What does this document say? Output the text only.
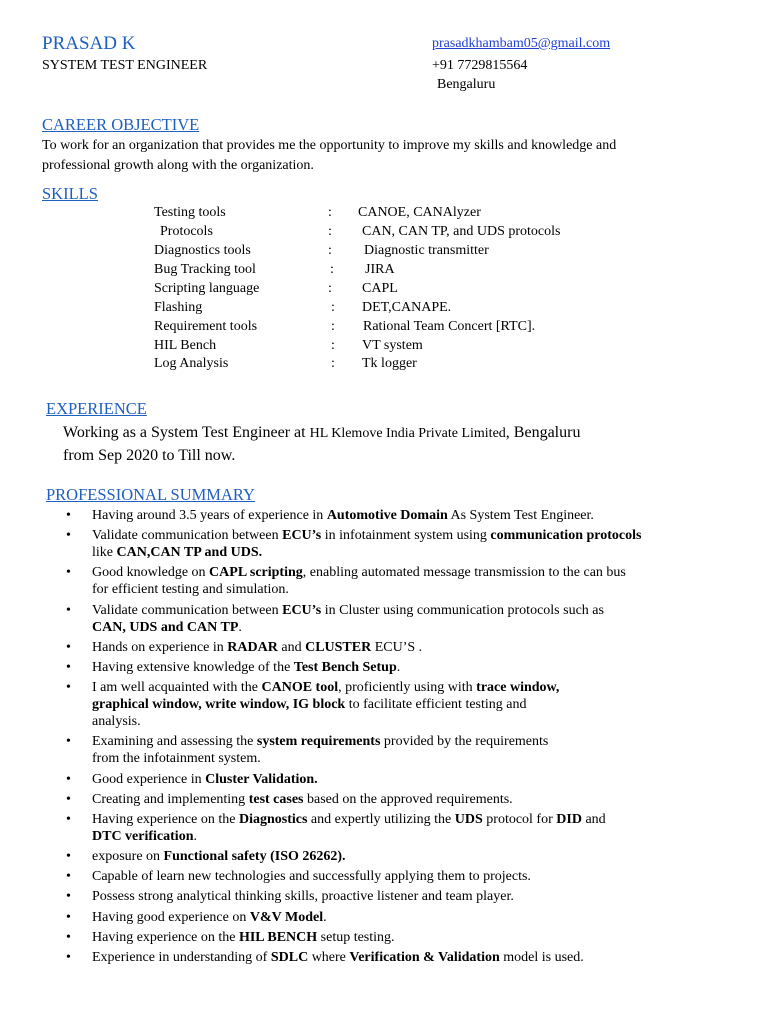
PRASAD K
SYSTEM TEST ENGINEER
prasadkhambam05@gmail.com
+91 7729815564
Bengaluru
CAREER OBJECTIVE
To work for an organization that provides me the opportunity to improve my skills and knowledge and
professional growth along with the organization.
SKILLS
Testing tools	: CANOE, CANAlyzer
Protocols	: CAN, CAN TP, and UDS protocols
Diagnostics tools	: Diagnostic transmitter
Bug Tracking tool	: JIRA
Scripting language	: CAPL
Flashing	: DET,CANAPE.
Requirement tools	: Rational Team Concert [RTC].
HIL Bench	: VT system
Log Analysis	: Tk logger
EXPERIENCE
Working as a System Test Engineer at HL Klemove India Private Limited, Bengaluru
from Sep 2020 to Till now.
PROFESSIONAL SUMMARY
• Having around 3.5 years of experience in Automotive Domain As System Test Engineer.
• Validate communication between ECU’s in infotainment system using communication protocols
like CAN,CAN TP and UDS.
• Good knowledge on CAPL scripting, enabling automated message transmission to the can bus
for efficient testing and simulation.
• Validate communication between ECU’s in Cluster using communication protocols such as
CAN, UDS and CAN TP.
• Hands on experience in RADAR and CLUSTER ECU’S .
• Having extensive knowledge of the Test Bench Setup.
• I am well acquainted with the CANOE tool, proficiently using with trace window,
graphical window, write window, IG block to facilitate efficient testing and
analysis.
• Examining and assessing the system requirements provided by the requirements
from the infotainment system.
• Good experience in Cluster Validation.
• Creating and implementing test cases based on the approved requirements.
• Having experience on the Diagnostics and expertly utilizing the UDS protocol for DID and
DTC verification.
• exposure on Functional safety (ISO 26262).
• Capable of learn new technologies and successfully applying them to projects.
• Possess strong analytical thinking skills, proactive listener and team player.
• Having good experience on V&V Model.
• Having experience on the HIL BENCH setup testing.
• Experience in understanding of SDLC where Verification & Validation model is used.
